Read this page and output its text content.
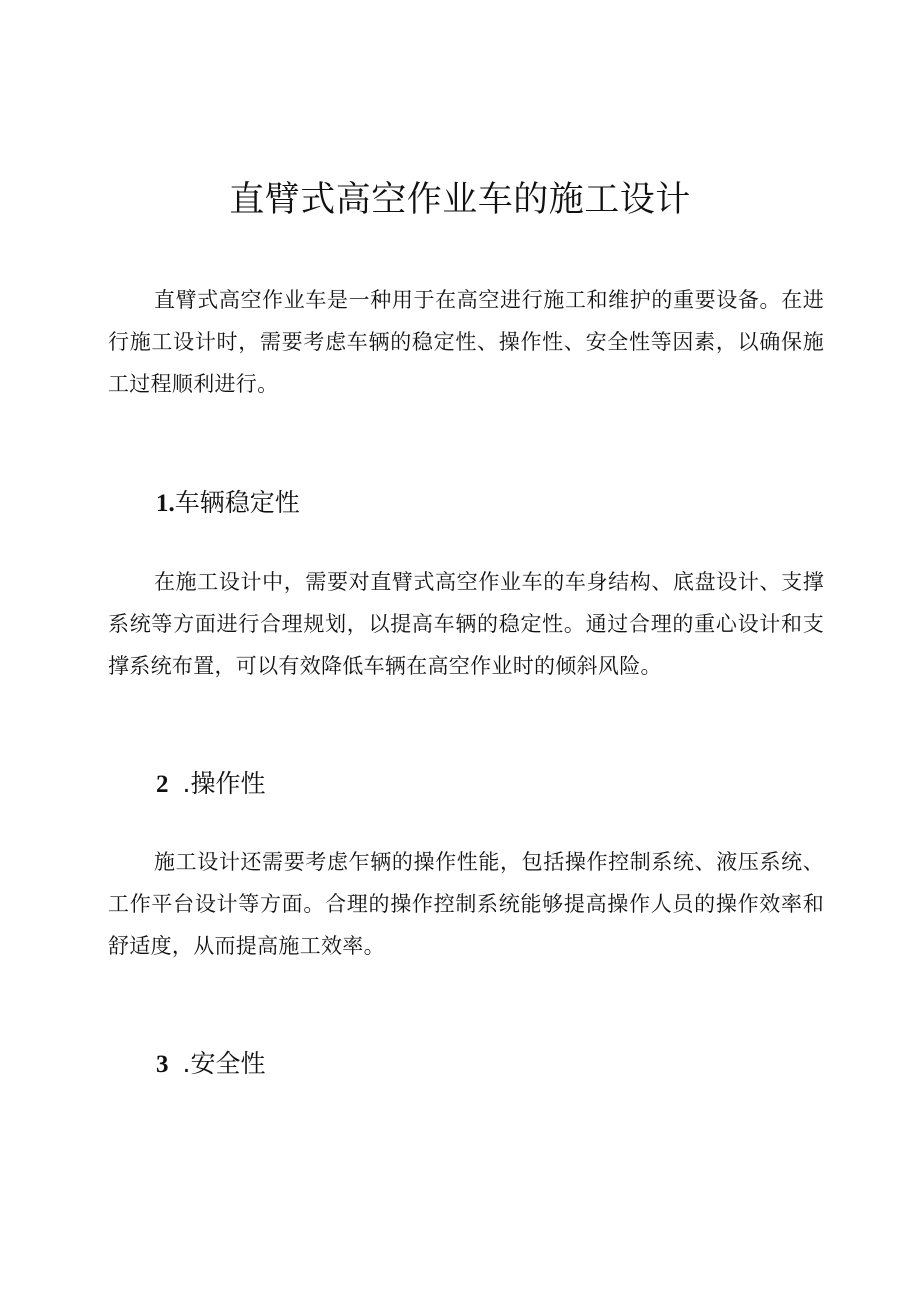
直臂式高空作业车的施工设计

直臂式高空作业车是一种用于在高空进行施工和维护的重要设备。在进行施工设计时，需要考虑车辆的稳定性、操作性、安全性等因素，以确保施工过程顺利进行。

1.车辆稳定性

在施工设计中，需要对直臂式高空作业车的车身结构、底盘设计、支撑系统等方面进行合理规划，以提高车辆的稳定性。通过合理的重心设计和支撑系统布置，可以有效降低车辆在高空作业时的倾斜风险。

2 .操作性

施工设计还需要考虑乍辆的操作性能，包括操作控制系统、液压系统、工作平台设计等方面。合理的操作控制系统能够提高操作人员的操作效率和舒适度，从而提高施工效率。

3 .安全性
